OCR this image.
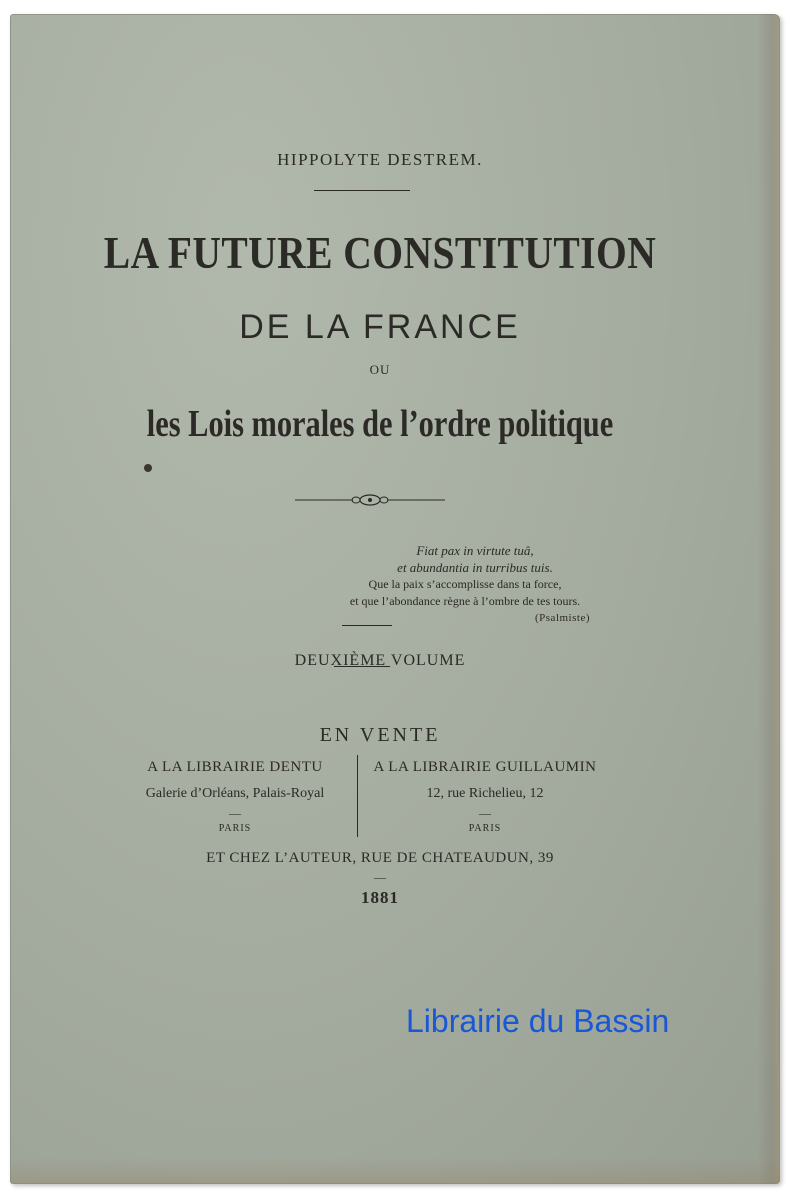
HIPPOLYTE DESTREM.
LA FUTURE CONSTITUTION
DE LA FRANCE
OU
les Lois morales de l’ordre politique
Fiat pax in virtute tuâ,
et abundantia in turribus tuis.
Que la paix s’accomplisse dans ta force,
et que l’abondance règne à l’ombre de tes tours.
(Psalmiste)
DEUXIÈME VOLUME
EN VENTE
A LA LIBRAIRIE DENTU
Galerie d’Orléans, Palais-Royal
—
PARIS
A LA LIBRAIRIE GUILLAUMIN
12, rue Richelieu, 12
—
PARIS
ET CHEZ L’AUTEUR, RUE DE CHATEAUDUN, 39
—
1881
Librairie du Bassin
